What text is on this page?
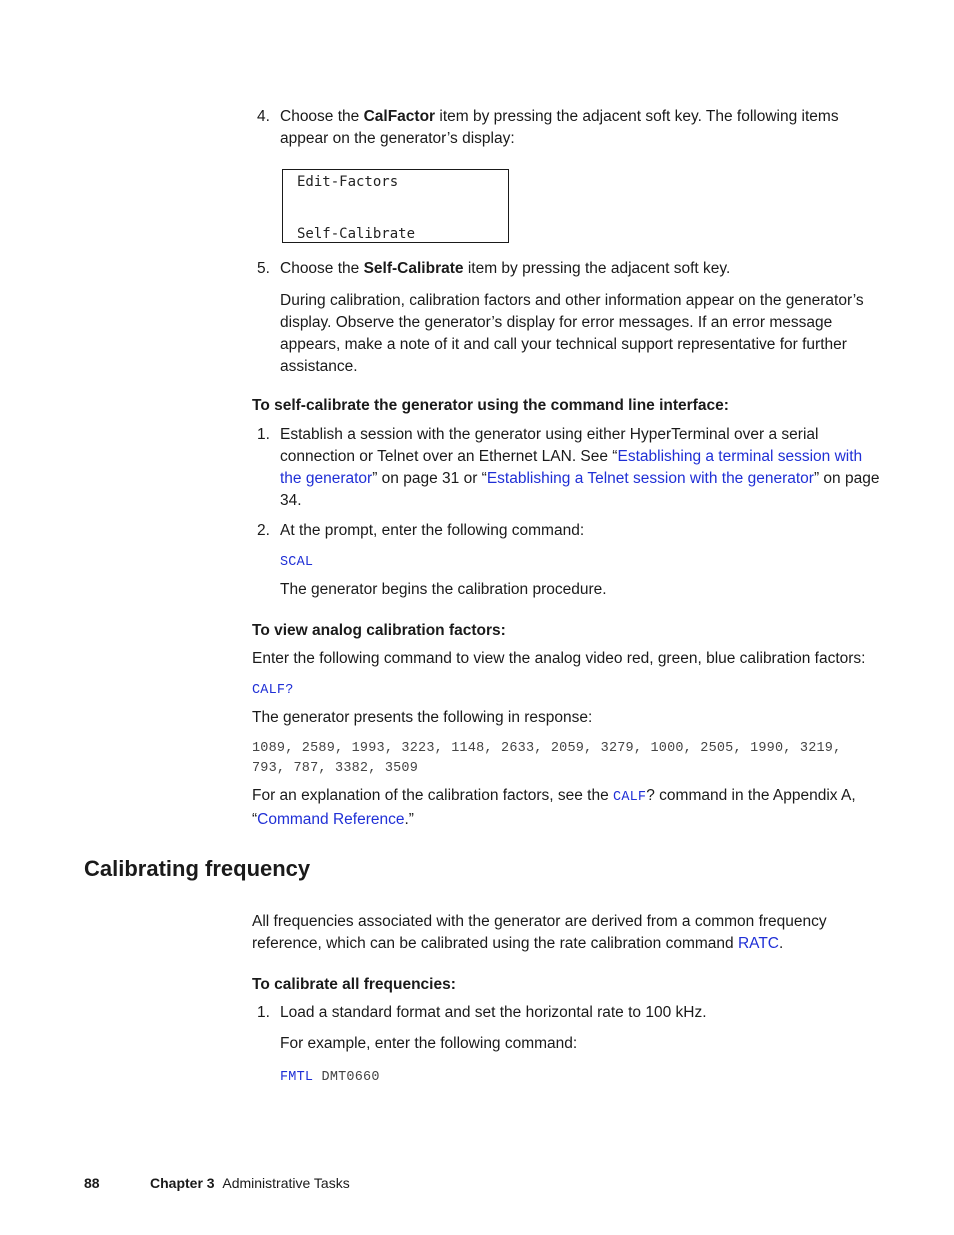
4. Choose the CalFactor item by pressing the adjacent soft key. The following items
appear on the generator’s display:
Edit-Factors
Self-Calibrate
5. Choose the Self-Calibrate item by pressing the adjacent soft key.
During calibration, calibration factors and other information appear on the generator’s
display. Observe the generator’s display for error messages. If an error message
appears, make a note of it and call your technical support representative for further
assistance.
To self-calibrate the generator using the command line interface:
1. Establish a session with the generator using either HyperTerminal over a serial
connection or Telnet over an Ethernet LAN. See “Establishing a terminal session with
the generator” on page 31 or “Establishing a Telnet session with the generator” on page
34.
2. At the prompt, enter the following command:
SCAL
The generator begins the calibration procedure.
To view analog calibration factors:
Enter the following command to view the analog video red, green, blue calibration factors:
CALF?
The generator presents the following in response:
1089, 2589, 1993, 3223, 1148, 2633, 2059, 3279, 1000, 2505, 1990, 3219,
793, 787, 3382, 3509
For an explanation of the calibration factors, see the CALF? command in the Appendix A,
“Command Reference.”
Calibrating frequency
All frequencies associated with the generator are derived from a common frequency
reference, which can be calibrated using the rate calibration command RATC.
To calibrate all frequencies:
1. Load a standard format and set the horizontal rate to 100 kHz.
For example, enter the following command:
FMTL DMT0660
88	Chapter 3 Administrative Tasks
